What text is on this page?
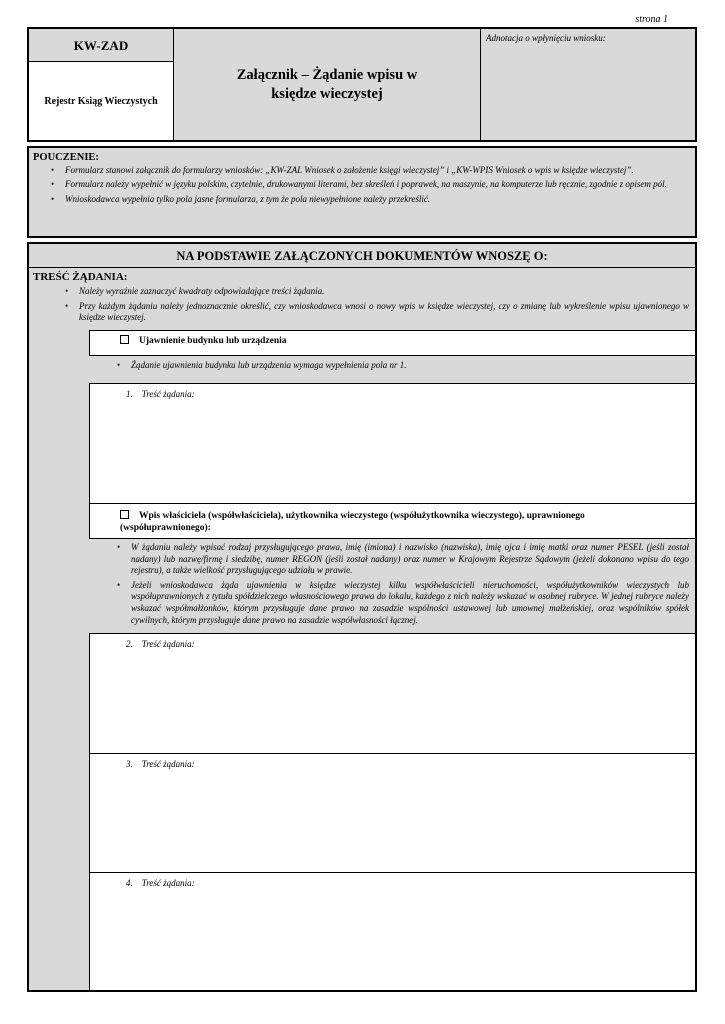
strona 1
KW-ZAD
Rejestr Ksiąg Wieczystych
Załącznik – Żądanie wpisu w księdze wieczystej
Adnotacja o wpłynięciu wniosku:
POUCZENIE:
• Formularz stanowi załącznik do formularzy wniosków: „KW-ZAL Wniosek o założenie księgi wieczystej” i „KW-WPIS Wniosek o wpis w księdze wieczystej”.
• Formularz należy wypełnić w języku polskim, czytelnie, drukowanymi literami, bez skreśleń i poprawek, na maszynie, na komputerze lub ręcznie, zgodnie z opisem pól.
• Wnioskodawca wypełnia tylko pola jasne formularza, z tym że pola niewypełnione należy przekreślić.
NA PODSTAWIE ZAŁĄCZONYCH DOKUMENTÓW WNOSZĘ O:
TREŚĆ ŻĄDANIA:
• Należy wyraźnie zaznaczyć kwadraty odpowiadające treści żądania.
• Przy każdym żądaniu należy jednoznacznie określić, czy wnioskodawca wnosi o nowy wpis w księdze wieczystej, czy o zmianę lub wykreślenie wpisu ujawnionego w księdze wieczystej.
Ujawnienie budynku lub urządzenia
• Żądanie ujawnienia budynku lub urządzenia wymaga wypełnienia pola nr 1.
1. Treść żądania:
Wpis właściciela (współwłaściciela), użytkownika wieczystego (współużytkownika wieczystego), uprawnionego (współuprawnionego):
• W żądaniu należy wpisać rodzaj przysługującego prawa, imię (imiona) i nazwisko (nazwiska), imię ojca i imię matki oraz numer PESEL (jeśli został nadany) lub nazwę/firmę i siedzibę, numer REGON (jeśli został nadany) oraz numer w Krajowym Rejestrze Sądowym (jeżeli dokonano wpisu do tego rejestru), a także wielkość przysługującego udziału w prawie.
• Jeżeli wnioskodawca żąda ujawnienia w księdze wieczystej kilku współwłaścicieli nieruchomości, współużytkowników wieczystych lub współuprawnionych z tytułu spółdzielczego własnościowego prawa do lokalu, każdego z nich należy wskazać w osobnej rubryce. W jednej rubryce należy wskazać współmałżonków, którym przysługuje dane prawo na zasadzie wspólności ustawowej lub umownej małżeńskiej, oraz wspólników spółek cywilnych, którym przysługuje dane prawo na zasadzie współwłasności łącznej.
2. Treść żądania:
3. Treść żądania:
4. Treść żądania:
